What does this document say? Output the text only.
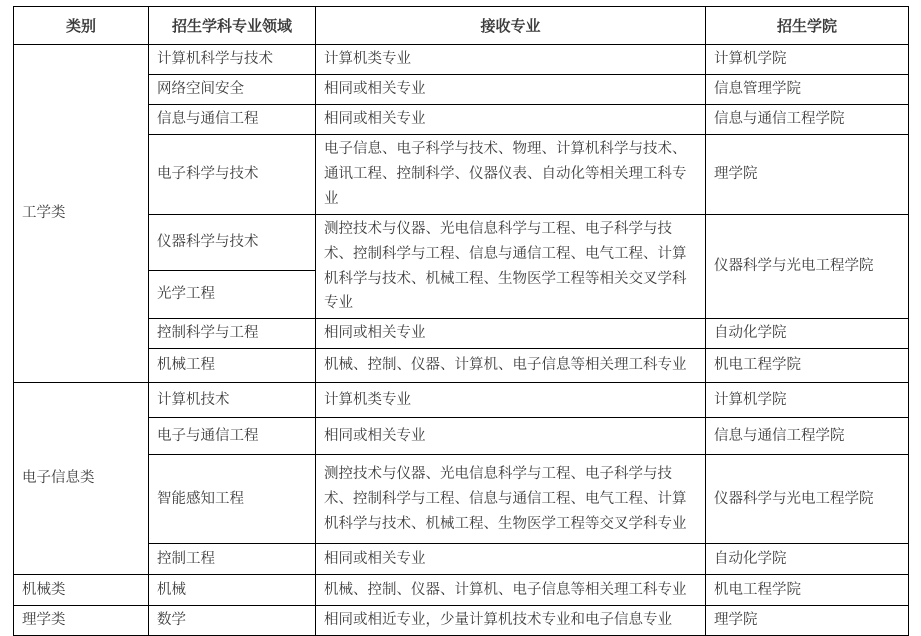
类别	招生学科专业领域	接收专业	招生学院
工学类	计算机科学与技术	计算机类专业	计算机学院
	网络空间安全	相同或相关专业	信息管理学院
	信息与通信工程	相同或相关专业	信息与通信工程学院
	电子科学与技术	电子信息、电子科学与技术、物理、计算机科学与技术、通讯工程、控制科学、仪器仪表、自动化等相关理工科专业	理学院
	仪器科学与技术	测控技术与仪器、光电信息科学与工程、电子科学与技术、控制科学与工程、信息与通信工程、电气工程、计算机科学与技术、机械工程、生物医学工程等相关交叉学科专业	仪器科学与光电工程学院
	光学工程		
	控制科学与工程	相同或相关专业	自动化学院
	机械工程	机械、控制、仪器、计算机、电子信息等相关理工科专业	机电工程学院
电子信息类	计算机技术	计算机类专业	计算机学院
	电子与通信工程	相同或相关专业	信息与通信工程学院
	智能感知工程	测控技术与仪器、光电信息科学与工程、电子科学与技术、控制科学与工程、信息与通信工程、电气工程、计算机科学与技术、机械工程、生物医学工程等交叉学科专业	仪器科学与光电工程学院
	控制工程	相同或相关专业	自动化学院
机械类	机械	机械、控制、仪器、计算机、电子信息等相关理工科专业	机电工程学院
理学类	数学	相同或相近专业，少量计算机技术专业和电子信息专业	理学院
